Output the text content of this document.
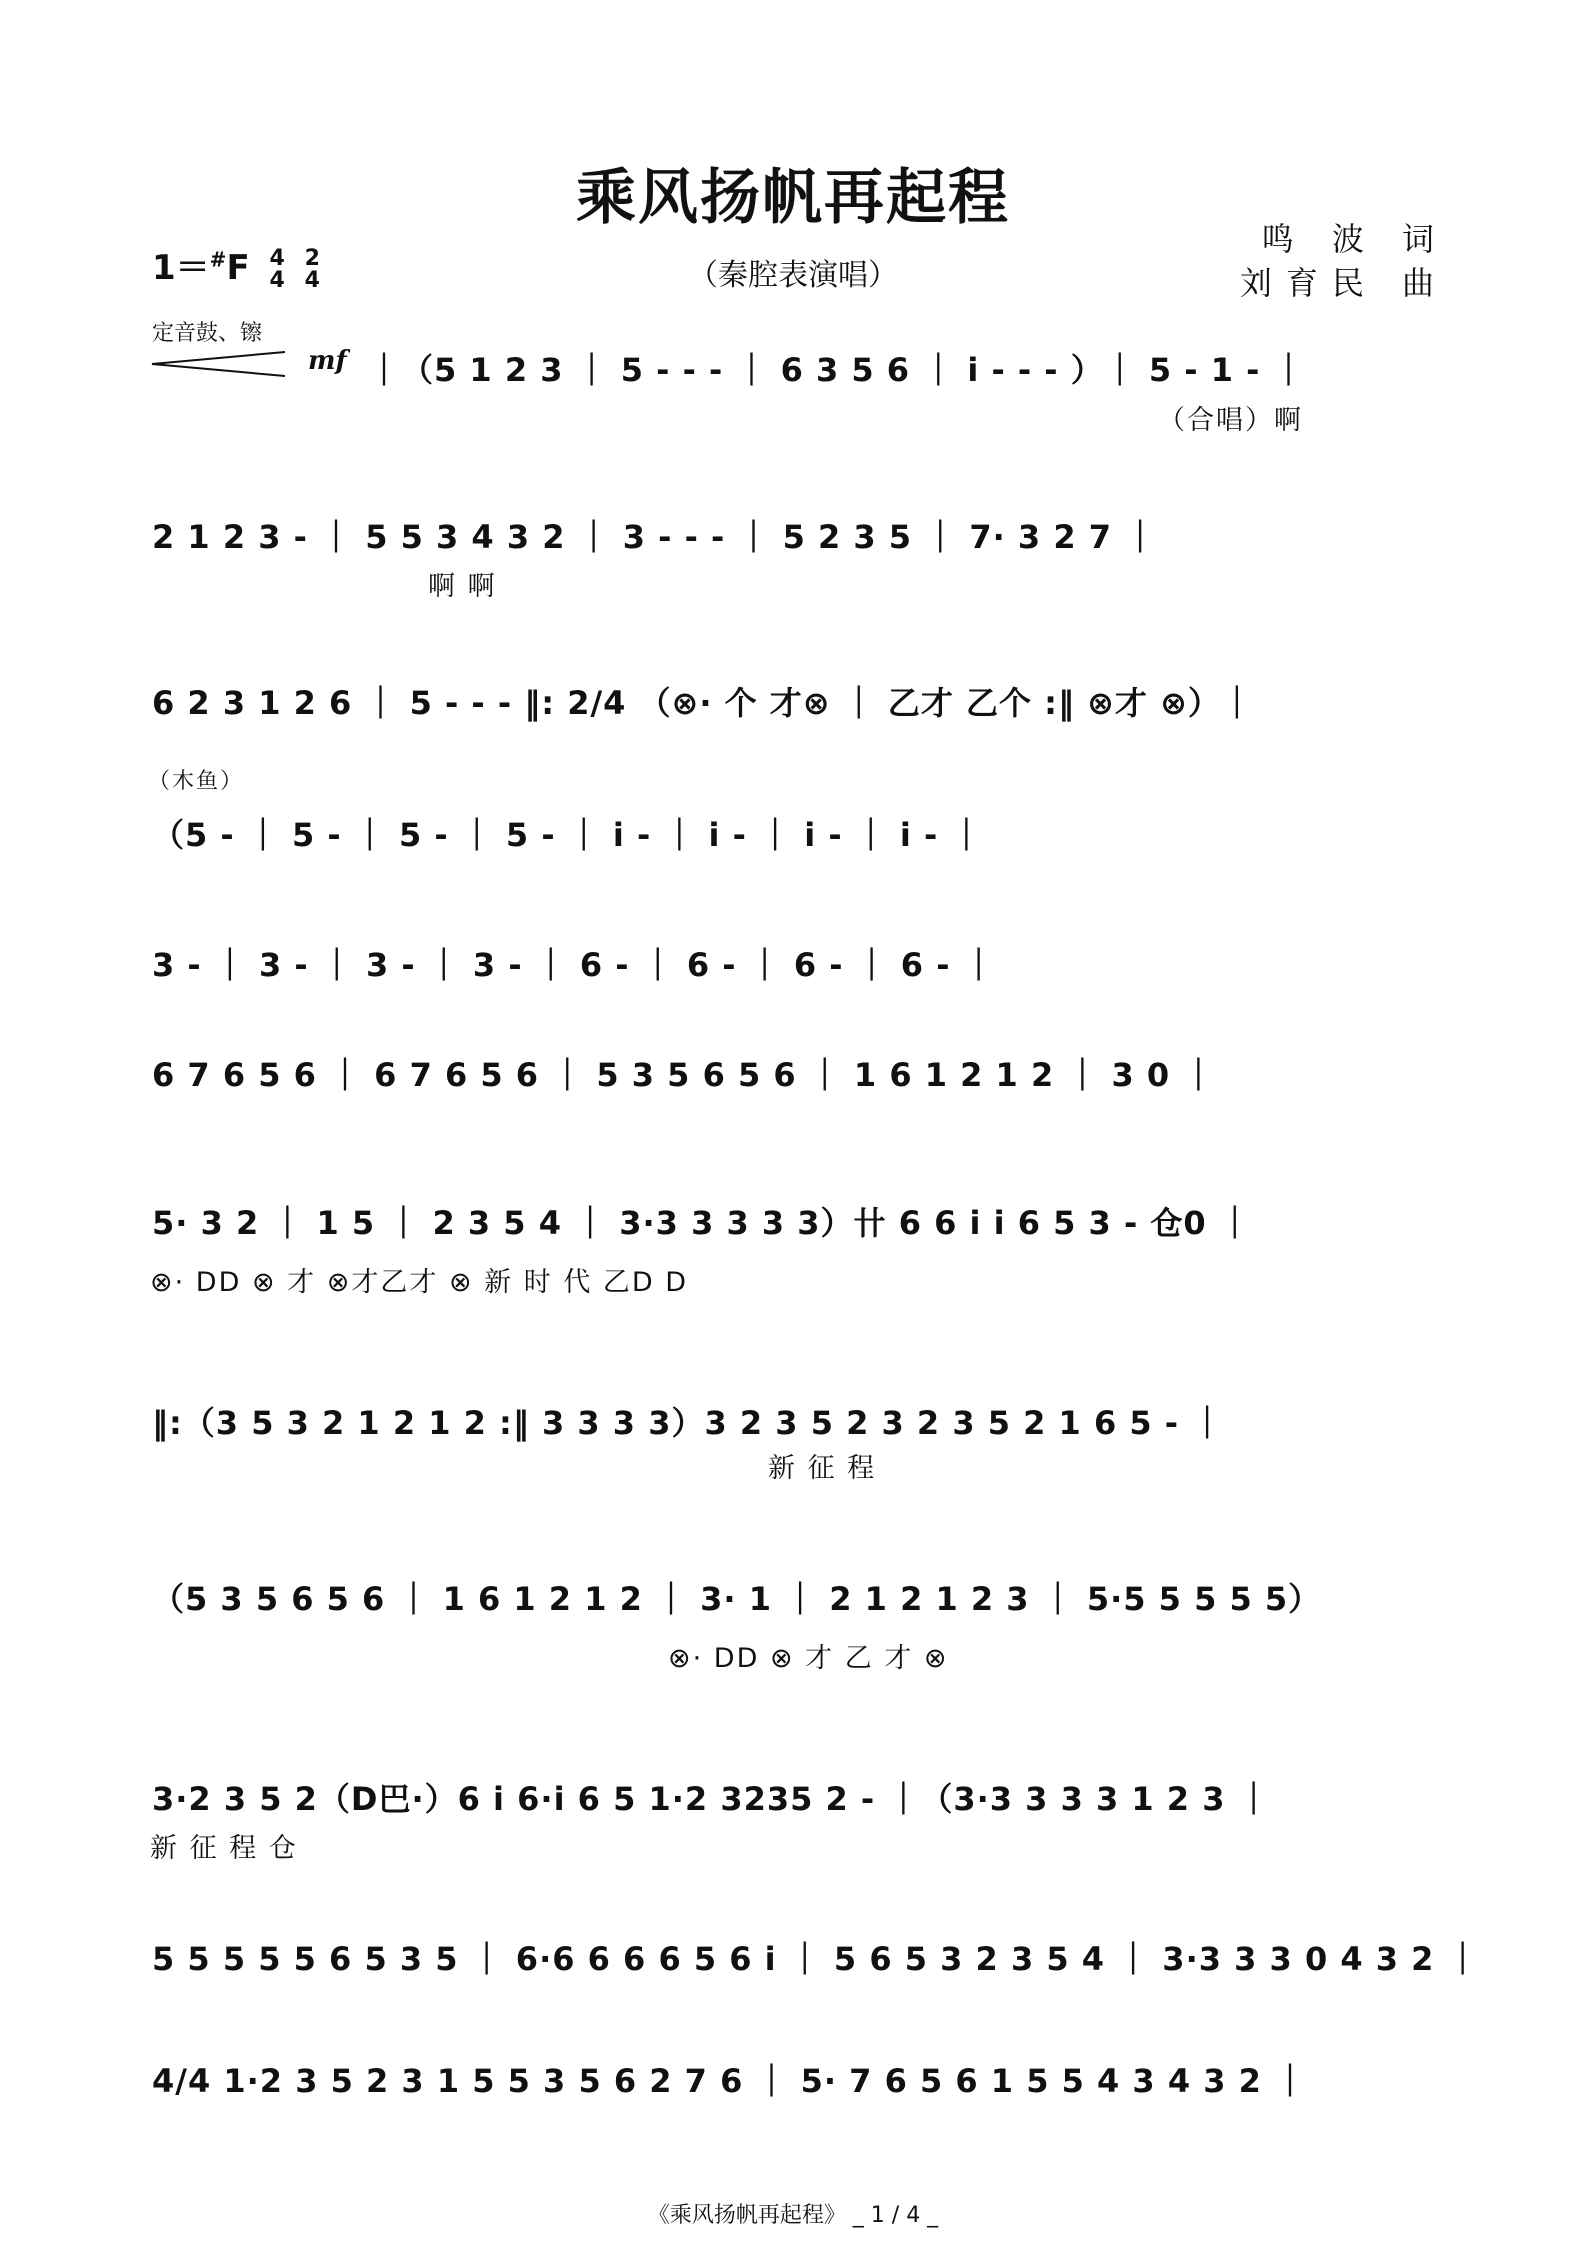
乘风扬帆再起程
（秦腔表演唱）
鸣 波 词
刘育民 曲
1＝#F 4
4

2
4
定音鼓、镲
mf ｜（5 1 2 3 ｜ 5 - - - ｜ 6 3 5 6 ｜ i - - - ）｜ 5 - 1 - ｜
（合唱）啊
2 1 2 3 - ｜ 5 5 3 4 3 2 ｜ 3 - - - ｜ 5 2 3 5 ｜ 7· 3 2 7 ｜
啊 啊
6 2 3 1 2 6 ｜ 5 - - - ‖: 2/4 （⊗· 个 才⊗ ｜ 乙才 乙个 :‖ ⊗才 ⊗）｜
（木鱼）
（5 - ｜ 5 - ｜ 5 - ｜ 5 - ｜ i - ｜ i - ｜ i - ｜ i - ｜
3 - ｜ 3 - ｜ 3 - ｜ 3 - ｜ 6 - ｜ 6 - ｜ 6 - ｜ 6 - ｜
6 7 6 5 6 ｜ 6 7 6 5 6 ｜ 5 3 5 6 5 6 ｜ 1 6 1 2 1 2 ｜ 3 0 ｜
5· 3 2 ｜ 1 5 ｜ 2 3 5 4 ｜ 3·3 3 3 3 3）卄 6 6 i i 6 5 3 - 仓0 ｜
⊗· DD ⊗ 才 ⊗才乙才 ⊗ 新 时 代 乙D D
‖:（3 5 3 2 1 2 1 2 :‖ 3 3 3 3）3 2 3 5 2 3 2 3 5 2 1 6 5 - ｜
新 征 程
（5 3 5 6 5 6 ｜ 1 6 1 2 1 2 ｜ 3· 1 ｜ 2 1 2 1 2 3 ｜ 5·5 5 5 5 5）
⊗· DD ⊗ 才 乙 才 ⊗
3·2 3 5 2（D巴·）6 i 6·i 6 5 1·2 3235 2 - ｜（3·3 3 3 3 1 2 3 ｜
新 征 程 仓
5 5 5 5 5 6 5 3 5 ｜ 6·6 6 6 6 5 6 i ｜ 5 6 5 3 2 3 5 4 ｜ 3·3 3 3 0 4 3 2 ｜
4/4 1·2 3 5 2 3 1 5 5 3 5 6 2 7 6 ｜ 5· 7 6 5 6 1 5 5 4 3 4 3 2 ｜
《乘风扬帆再起程》 _ 1 / 4 _
